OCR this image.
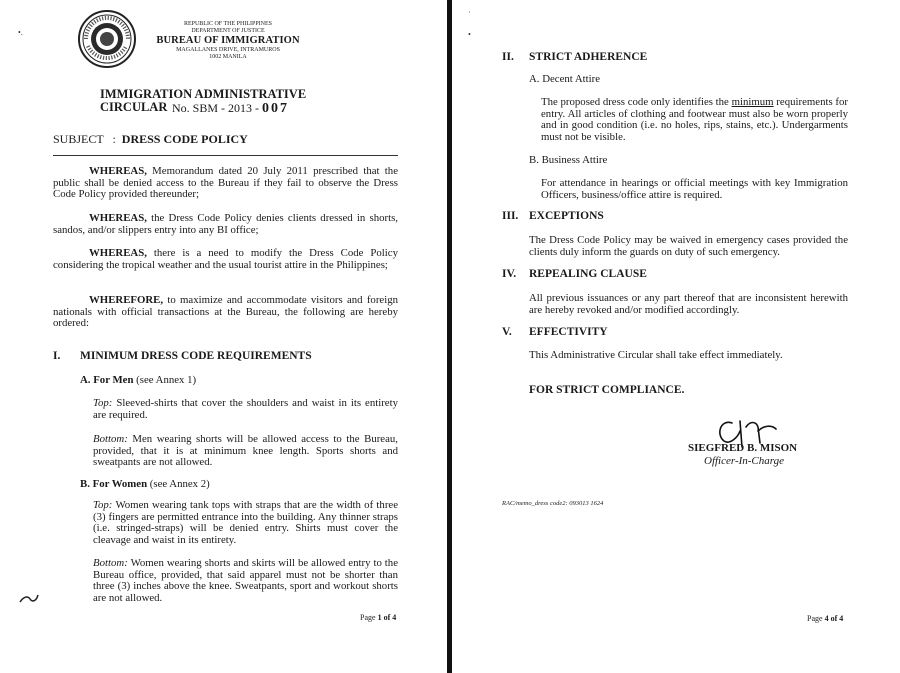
•.
REPUBLIC OF THE PHILIPPINES
DEPARTMENT OF JUSTICE
BUREAU OF IMMIGRATION
MAGALLANES DRIVE, INTRAMUROS
1002 MANILA
IMMIGRATION ADMINISTRATIVE CIRCULAR No. SBM - 2013 - 007
SUBJECT   : DRESS CODE POLICY

WHEREAS, Memorandum dated 20 July 2011 prescribed that the public shall be denied access to the Bureau if they fail to observe the Dress Code Policy provided thereunder;

WHEREAS, the Dress Code Policy denies clients dressed in shorts, sandos, and/or slippers entry into any BI office;

WHEREAS, there is a need to modify the Dress Code Policy considering the tropical weather and the usual tourist attire in the Philippines;

WHEREFORE, to maximize and accommodate visitors and foreign nationals with official transactions at the Bureau, the following are hereby ordered:

I. MINIMUM DRESS CODE REQUIREMENTS
A. For Men (see Annex 1)

Top: Sleeved-shirts that cover the shoulders and waist in its entirety are required.

Bottom: Men wearing shorts will be allowed access to the Bureau, provided, that it is at minimum knee length. Sports shorts and sweatpants are not allowed.

B. For Women (see Annex 2)

Top: Women wearing tank tops with straps that are the width of three (3) fingers are permitted entrance into the building. Any thinner straps (i.e. stringed-straps) will be denied entry. Shirts must cover the cleavage and waist in its entirety.

Bottom: Women wearing shorts and skirts will be allowed entry to the Bureau office, provided, that said apparel must not be shorter than three (3) inches above the knee. Sweatpants, sport and workout shorts are not allowed.

Page 1 of 4
·
•
II. STRICT ADHERENCE
A. Decent Attire

The proposed dress code only identifies the minimum requirements for entry. All articles of clothing and footwear must also be worn properly and in good condition (i.e. no holes, rips, stains, etc.). Undergarments must not be visible.

B. Business Attire

For attendance in hearings or official meetings with key Immigration Officers, business/office attire is required.

III. EXCEPTIONS

The Dress Code Policy may be waived in emergency cases provided the clients duly inform the guards on duty of such emergency.

IV. REPEALING CLAUSE

All previous issuances or any part thereof that are inconsistent herewith are hereby revoked and/or modified accordingly.

V. EFFECTIVITY

This Administrative Circular shall take effect immediately.

FOR STRICT COMPLIANCE.
SIEGFRED B. MISON
Officer-In-Charge
RAC/memo_dress code2: 093013 1624
Page 4 of 4
